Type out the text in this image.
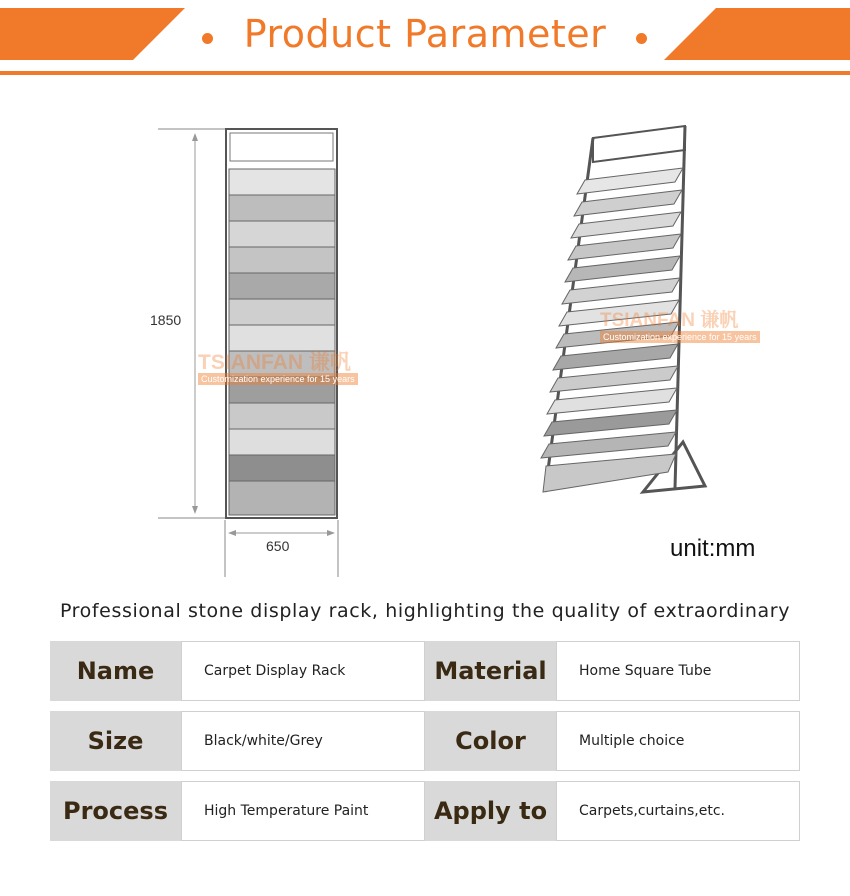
Product Parameter
1850
650
TSIANFAN 谦帆
Customization experience for 15 years
TSIANFAN 谦帆
Customization experience for 15 years
unit:mm
Professional stone display rack, highlighting the quality of extraordinary
Name	Carpet Display Rack	Material	Home Square Tube
Size	Black/white/Grey	Color	Multiple choice
Process	High Temperature Paint	Apply to	Carpets,curtains,etc.
